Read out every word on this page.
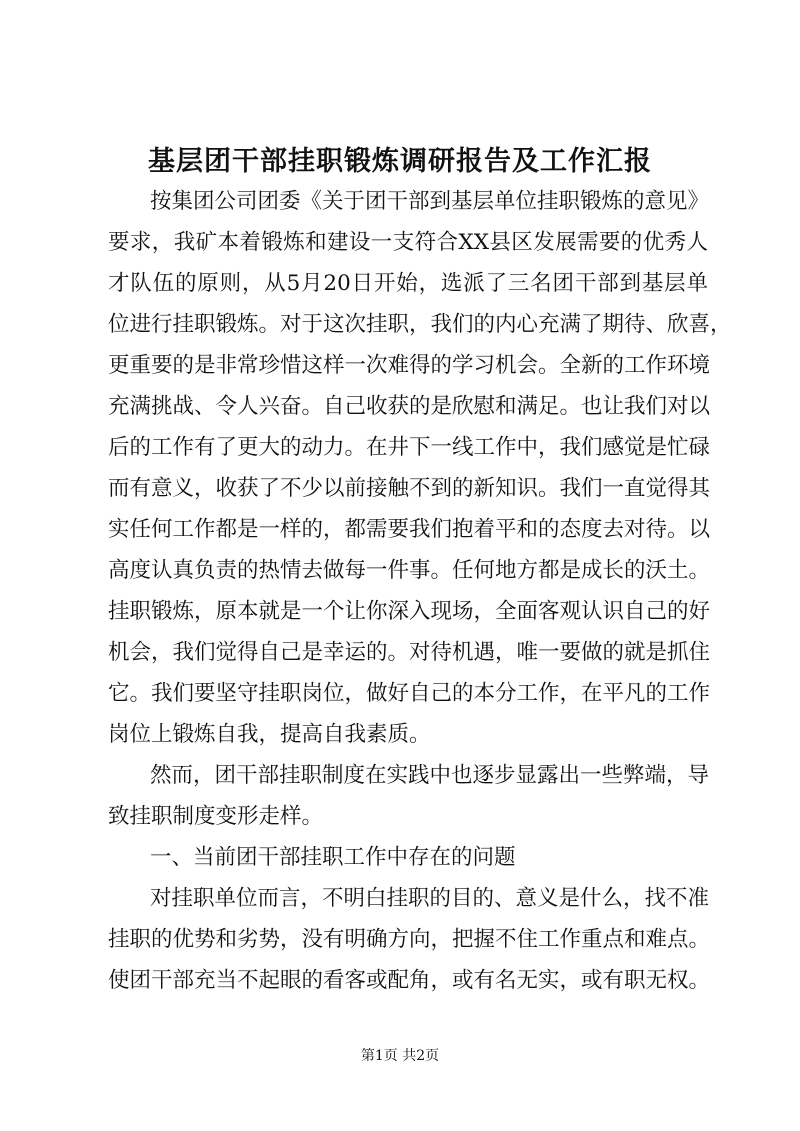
基层团干部挂职锻炼调研报告及工作汇报
按集团公司团委《关于团干部到基层单位挂职锻炼的意见》
要求，我矿本着锻炼和建设一支符合XX县区发展需要的优秀人
才队伍的原则，从5月20日开始，选派了三名团干部到基层单
位进行挂职锻炼。对于这次挂职，我们的内心充满了期待、欣喜，
更重要的是非常珍惜这样一次难得的学习机会。全新的工作环境
充满挑战、令人兴奋。自己收获的是欣慰和满足。也让我们对以
后的工作有了更大的动力。在井下一线工作中，我们感觉是忙碌
而有意义，收获了不少以前接触不到的新知识。我们一直觉得其
实任何工作都是一样的，都需要我们抱着平和的态度去对待。以
高度认真负责的热情去做每一件事。任何地方都是成长的沃土。
挂职锻炼，原本就是一个让你深入现场，全面客观认识自己的好
机会，我们觉得自己是幸运的。对待机遇，唯一要做的就是抓住
它。我们要坚守挂职岗位，做好自己的本分工作，在平凡的工作
岗位上锻炼自我，提高自我素质。
然而，团干部挂职制度在实践中也逐步显露出一些弊端，导
致挂职制度变形走样。
一、当前团干部挂职工作中存在的问题
对挂职单位而言，不明白挂职的目的、意义是什么，找不准
挂职的优势和劣势，没有明确方向，把握不住工作重点和难点。
使团干部充当不起眼的看客或配角，或有名无实，或有职无权。
第1页 共2页
